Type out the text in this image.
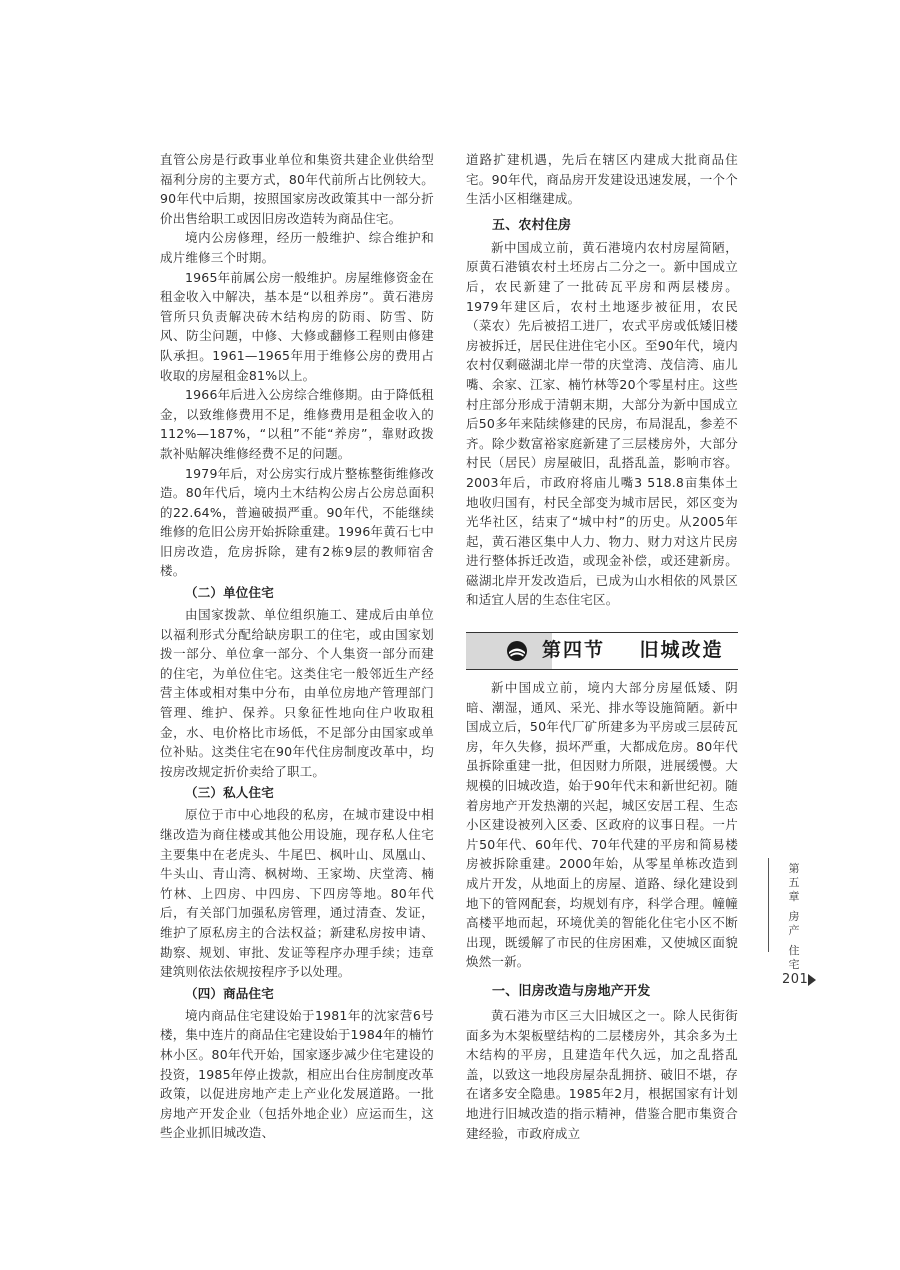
直管公房是行政事业单位和集资共建企业供给型福利分房的主要方式，80年代前所占比例较大。90年代中后期，按照国家房改政策其中一部分折价出售给职工或因旧房改造转为商品住宅。

境内公房修理，经历一般维护、综合维护和成片维修三个时期。

1965年前属公房一般维护。房屋维修资金在租金收入中解决，基本是“以租养房”。黄石港房管所只负责解决砖木结构房的防雨、防雪、防风、防尘问题，中修、大修或翻修工程则由修建队承担。1961—1965年用于维修公房的费用占收取的房屋租金81%以上。

1966年后进入公房综合维修期。由于降低租金，以致维修费用不足，维修费用是租金收入的112%—187%，“以租”不能“养房”，靠财政拨款补贴解决维修经费不足的问题。

1979年后，对公房实行成片整栋整街维修改造。80年代后，境内土木结构公房占公房总面积的22.64%，普遍破损严重。90年代，不能继续维修的危旧公房开始拆除重建。1996年黄石七中旧房改造，危房拆除，建有2栋9层的教师宿舍楼。

（二）单位住宅

由国家拨款、单位组织施工、建成后由单位以福利形式分配给缺房职工的住宅，或由国家划拨一部分、单位拿一部分、个人集资一部分而建的住宅，为单位住宅。这类住宅一般邻近生产经营主体或相对集中分布，由单位房地产管理部门管理、维护、保养。只象征性地向住户收取租金，水、电价格比市场低，不足部分由国家或单位补贴。这类住宅在90年代住房制度改革中，均按房改规定折价卖给了职工。

（三）私人住宅

原位于市中心地段的私房，在城市建设中相继改造为商住楼或其他公用设施，现存私人住宅主要集中在老虎头、牛尾巴、枫叶山、凤凰山、牛头山、青山湾、枫树坳、王家坳、庆堂湾、楠竹林、上四房、中四房、下四房等地。80年代后，有关部门加强私房管理，通过清查、发证，维护了原私房主的合法权益；新建私房按申请、勘察、规划、审批、发证等程序办理手续；违章建筑则依法依规按程序予以处理。

（四）商品住宅

境内商品住宅建设始于1981年的沈家营6号楼，集中连片的商品住宅建设始于1984年的楠竹林小区。80年代开始，国家逐步减少住宅建设的投资，1985年停止拨款，相应出台住房制度改革政策，以促进房地产走上产业化发展道路。一批房地产开发企业（包括外地企业）应运而生，这些企业抓旧城改造、

道路扩建机遇，先后在辖区内建成大批商品住宅。90年代，商品房开发建设迅速发展，一个个生活小区相继建成。

五、农村住房

新中国成立前，黄石港境内农村房屋简陋，原黄石港镇农村土坯房占二分之一。新中国成立后，农民新建了一批砖瓦平房和两层楼房。1979年建区后，农村土地逐步被征用，农民（菜农）先后被招工进厂，农式平房或低矮旧楼房被拆迁，居民住进住宅小区。至90年代，境内农村仅剩磁湖北岸一带的庆堂湾、茂信湾、庙儿嘴、余家、江家、楠竹林等20个零星村庄。这些村庄部分形成于清朝末期，大部分为新中国成立后50多年来陆续修建的民房，布局混乱，参差不齐。除少数富裕家庭新建了三层楼房外，大部分村民（居民）房屋破旧，乱搭乱盖，影响市容。2003年后，市政府将庙儿嘴3 518.8亩集体土地收归国有，村民全部变为城市居民，郊区变为光华社区，结束了“城中村”的历史。从2005年起，黄石港区集中人力、物力、财力对这片民房进行整体拆迁改造，或现金补偿，或还建新房。磁湖北岸开发改造后，已成为山水相依的风景区和适宜人居的生态住宅区。

第四节    旧城改造

新中国成立前，境内大部分房屋低矮、阴暗、潮湿，通风、采光、排水等设施简陋。新中国成立后，50年代厂矿所建多为平房或三层砖瓦房，年久失修，损坏严重，大都成危房。80年代虽拆除重建一批，但因财力所限，进展缓慢。大规模的旧城改造，始于90年代末和新世纪初。随着房地产开发热潮的兴起，城区安居工程、生态小区建设被列入区委、区政府的议事日程。一片片50年代、60年代、70年代建的平房和简易楼房被拆除重建。2000年始，从零星单栋改造到成片开发，从地面上的房屋、道路、绿化建设到地下的管网配套，均规划有序，科学合理。幢幢高楼平地而起，环境优美的智能化住宅小区不断出现，既缓解了市民的住房困难，又使城区面貌焕然一新。

一、旧房改造与房地产开发

黄石港为市区三大旧城区之一。除人民街街面多为木架板壁结构的二层楼房外，其余多为土木结构的平房，且建造年代久远，加之乱搭乱盖，以致这一地段房屋杂乱拥挤、破旧不堪，存在诸多安全隐患。1985年2月，根据国家有计划地进行旧城改造的指示精神，借鉴合肥市集资合建经验，市政府成立

第五章
房
产
住
宅
201
